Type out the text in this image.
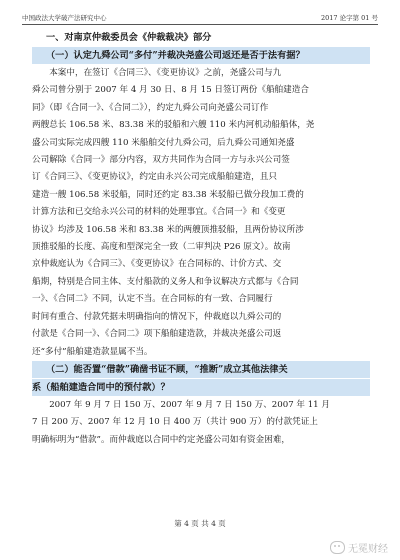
中国政法大学破产法研究中心	2017 论字第 01 号
一、对南京仲裁委员会《仲裁裁决》部分
（一）认定九舜公司“多付”并裁决尧盛公司返还是否于法有据？
本案中，在签订《合同三》、《变更协议》之前，尧盛公司与九
舜公司曾分别于 2007 年 4 月 30 日、8 月 15 日签订两份《船舶建造合
同》（即《合同一》、《合同二》），约定九舜公司向尧盛公司订作
两艘总长 106.58 米、83.38 米的驳船和六艘 110 米内河机动船船体，尧
盛公司实际完成四艘 110 米船舶交付九舜公司，后九舜公司通知尧盛
公司解除《合同一》部分内容，双方共同作为合同一方与永兴公司签
订《合同三》、《变更协议》，约定由永兴公司完成船舶建造，且只
建造一艘 106.58 米驳船，同时还约定 83.38 米驳船已做分段加工费的
计算方法和已交给永兴公司的材料的处理事宜。《合同一》和《变更
协议》均涉及 106.58 米和 83.38 米的两艘顶推驳船，且两份协议所涉
顶推驳船的长度、高度和型深完全一致（二审判决 P26 原文）。故南
京仲裁庭认为《合同三》、《变更协议》在合同标的、计价方式、交
船期，特别是合同主体、支付船款的义务人和争议解决方式都与《合同
一》、《合同二》不同，认定不当。在合同标的有一致、合同履行
时间有重合、付款凭据未明确指向的情况下，仲裁庭以九舜公司的
付款是《合同一》、《合同二》项下船舶建造款，并裁决尧盛公司返
还“多付”船舶建造款显属不当。
（二）能否置“借款”确凿书证不顾，“推断”成立其他法律关
系（船舶建造合同中的预付款）？
2007 年 9 月 7 日 150 万、2007 年 9 月 7 日 150 万、2007 年 11 月
7 日 200 万、2007 年 12 月 10 日 400 万（共计 900 万）的付款凭证上
明确标明为“借款”。而仲裁庭以合同中约定尧盛公司如有资金困难，
第 4 页 共 4 页
无冕财经
